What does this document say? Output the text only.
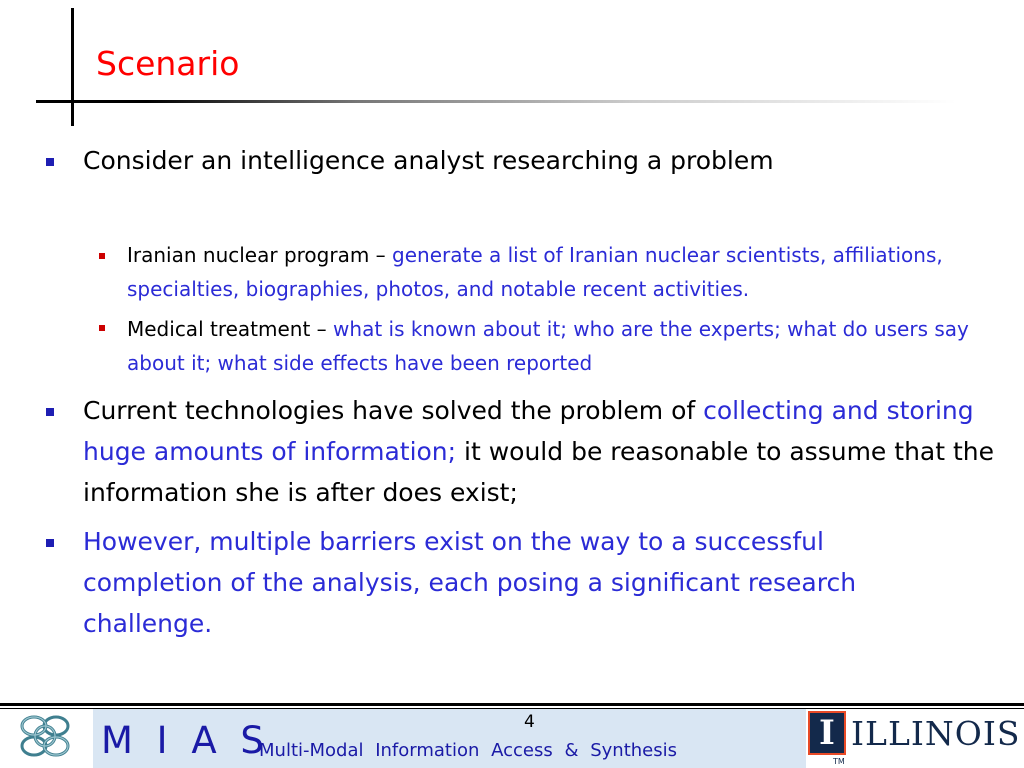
Scenario
Consider an intelligence analyst researching a problem
Iranian nuclear program – generate a list of Iranian nuclear scientists, affiliations, specialties, biographies, photos, and notable recent activities.
Medical treatment – what is known about it; who are the experts; what do users say about it; what side effects have been reported
Current technologies have solved the problem of collecting and storing huge amounts of information; it would be reasonable to assume that the information she is after does exist;
However, multiple barriers exist on the way to a successful completion of the analysis, each posing a significant research challenge.
M I A S
Multi-Modal Information Access & Synthesis
4	I ILLINOIS
TM
